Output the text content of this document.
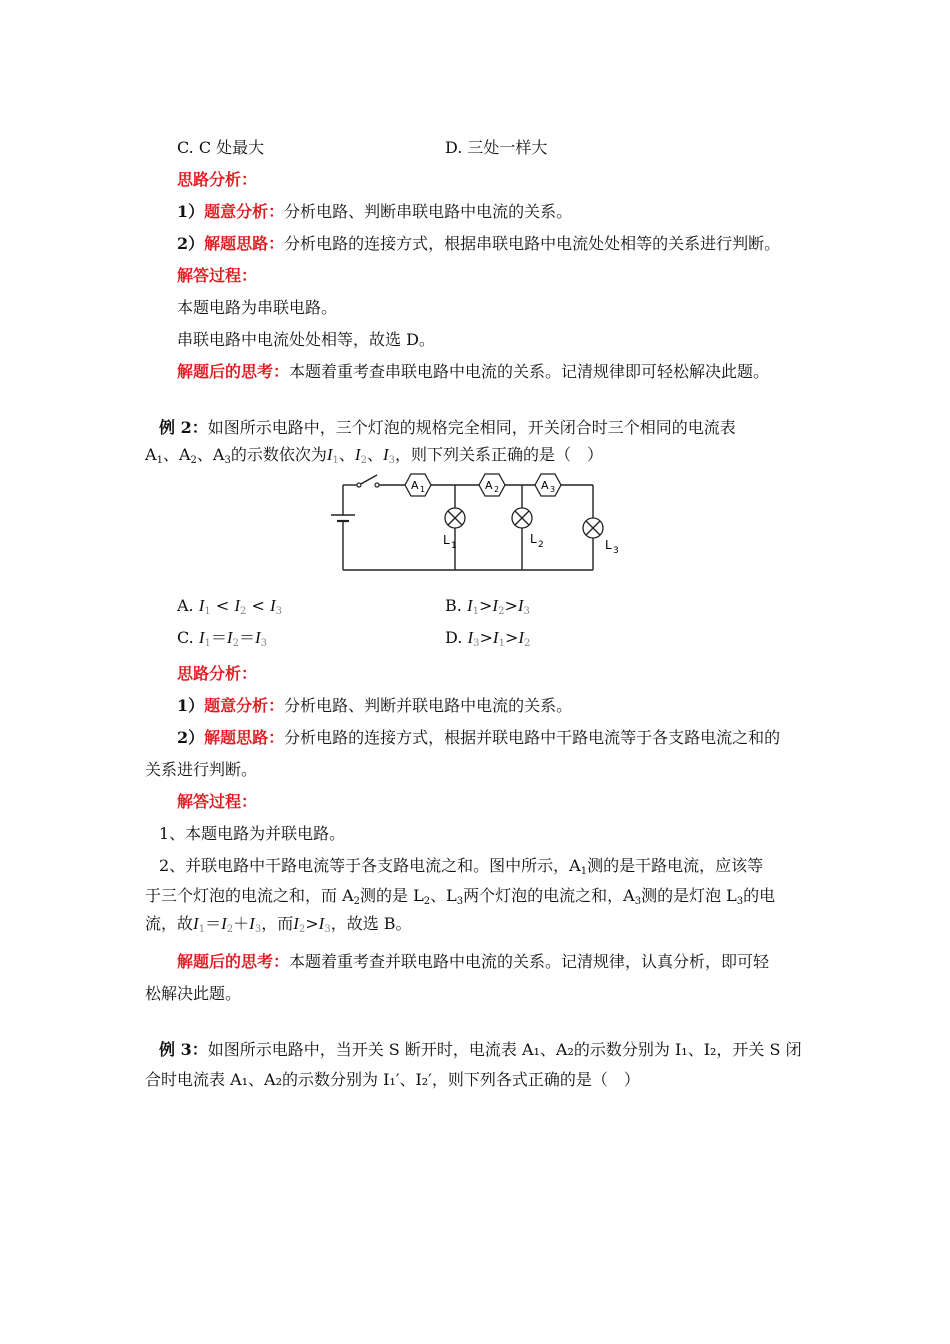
C. C 处最大	D. 三处一样大
思路分析：
1）题意分析：分析电路、判断串联电路中电流的关系。
2）解题思路：分析电路的连接方式，根据串联电路中电流处处相等的关系进行判断。
解答过程：
本题电路为串联电路。
串联电路中电流处处相等，故选 D。
解题后的思考：本题着重考查串联电路中电流的关系。记清规律即可轻松解决此题。
例 2：如图所示电路中，三个灯泡的规格完全相同，开关闭合时三个相同的电流表
$A_1$、$A_2$、$A_3$的示数依次为$I_1$、$I_2$、$I_3$，则下列关系正确的是（　）
A 1	A 2	A 3
L 1	L 2	L 3
A. $I_1 < I_2 < I_3$	B. $I_1>I_2>I_3$
C. $I_1=I_2=I_3$	D. $I_3>I_1>I_2$
思路分析：
1）题意分析：分析电路、判断并联电路中电流的关系。
2）解题思路：分析电路的连接方式，根据并联电路中干路电流等于各支路电流之和的
关系进行判断。
解答过程：
1、本题电路为并联电路。
2、并联电路中干路电流等于各支路电流之和。图中所示，$A_1$测的是干路电流，应该等
于三个灯泡的电流之和，而 $A_2$测的是 $L_2$、$L_3$两个灯泡的电流之和，$A_3$测的是灯泡 $L_3$的电
流，故$I_1=I_2+I_3$，而$I_2>I_3$，故选 B。
解题后的思考：本题着重考查并联电路中电流的关系。记清规律，认真分析，即可轻
松解决此题。
例 3：如图所示电路中，当开关 S 断开时，电流表 A₁、A₂的示数分别为 I₁、I₂，开关 S 闭
合时电流表 A₁、A₂的示数分别为 I₁′、I₂′，则下列各式正确的是（　）
